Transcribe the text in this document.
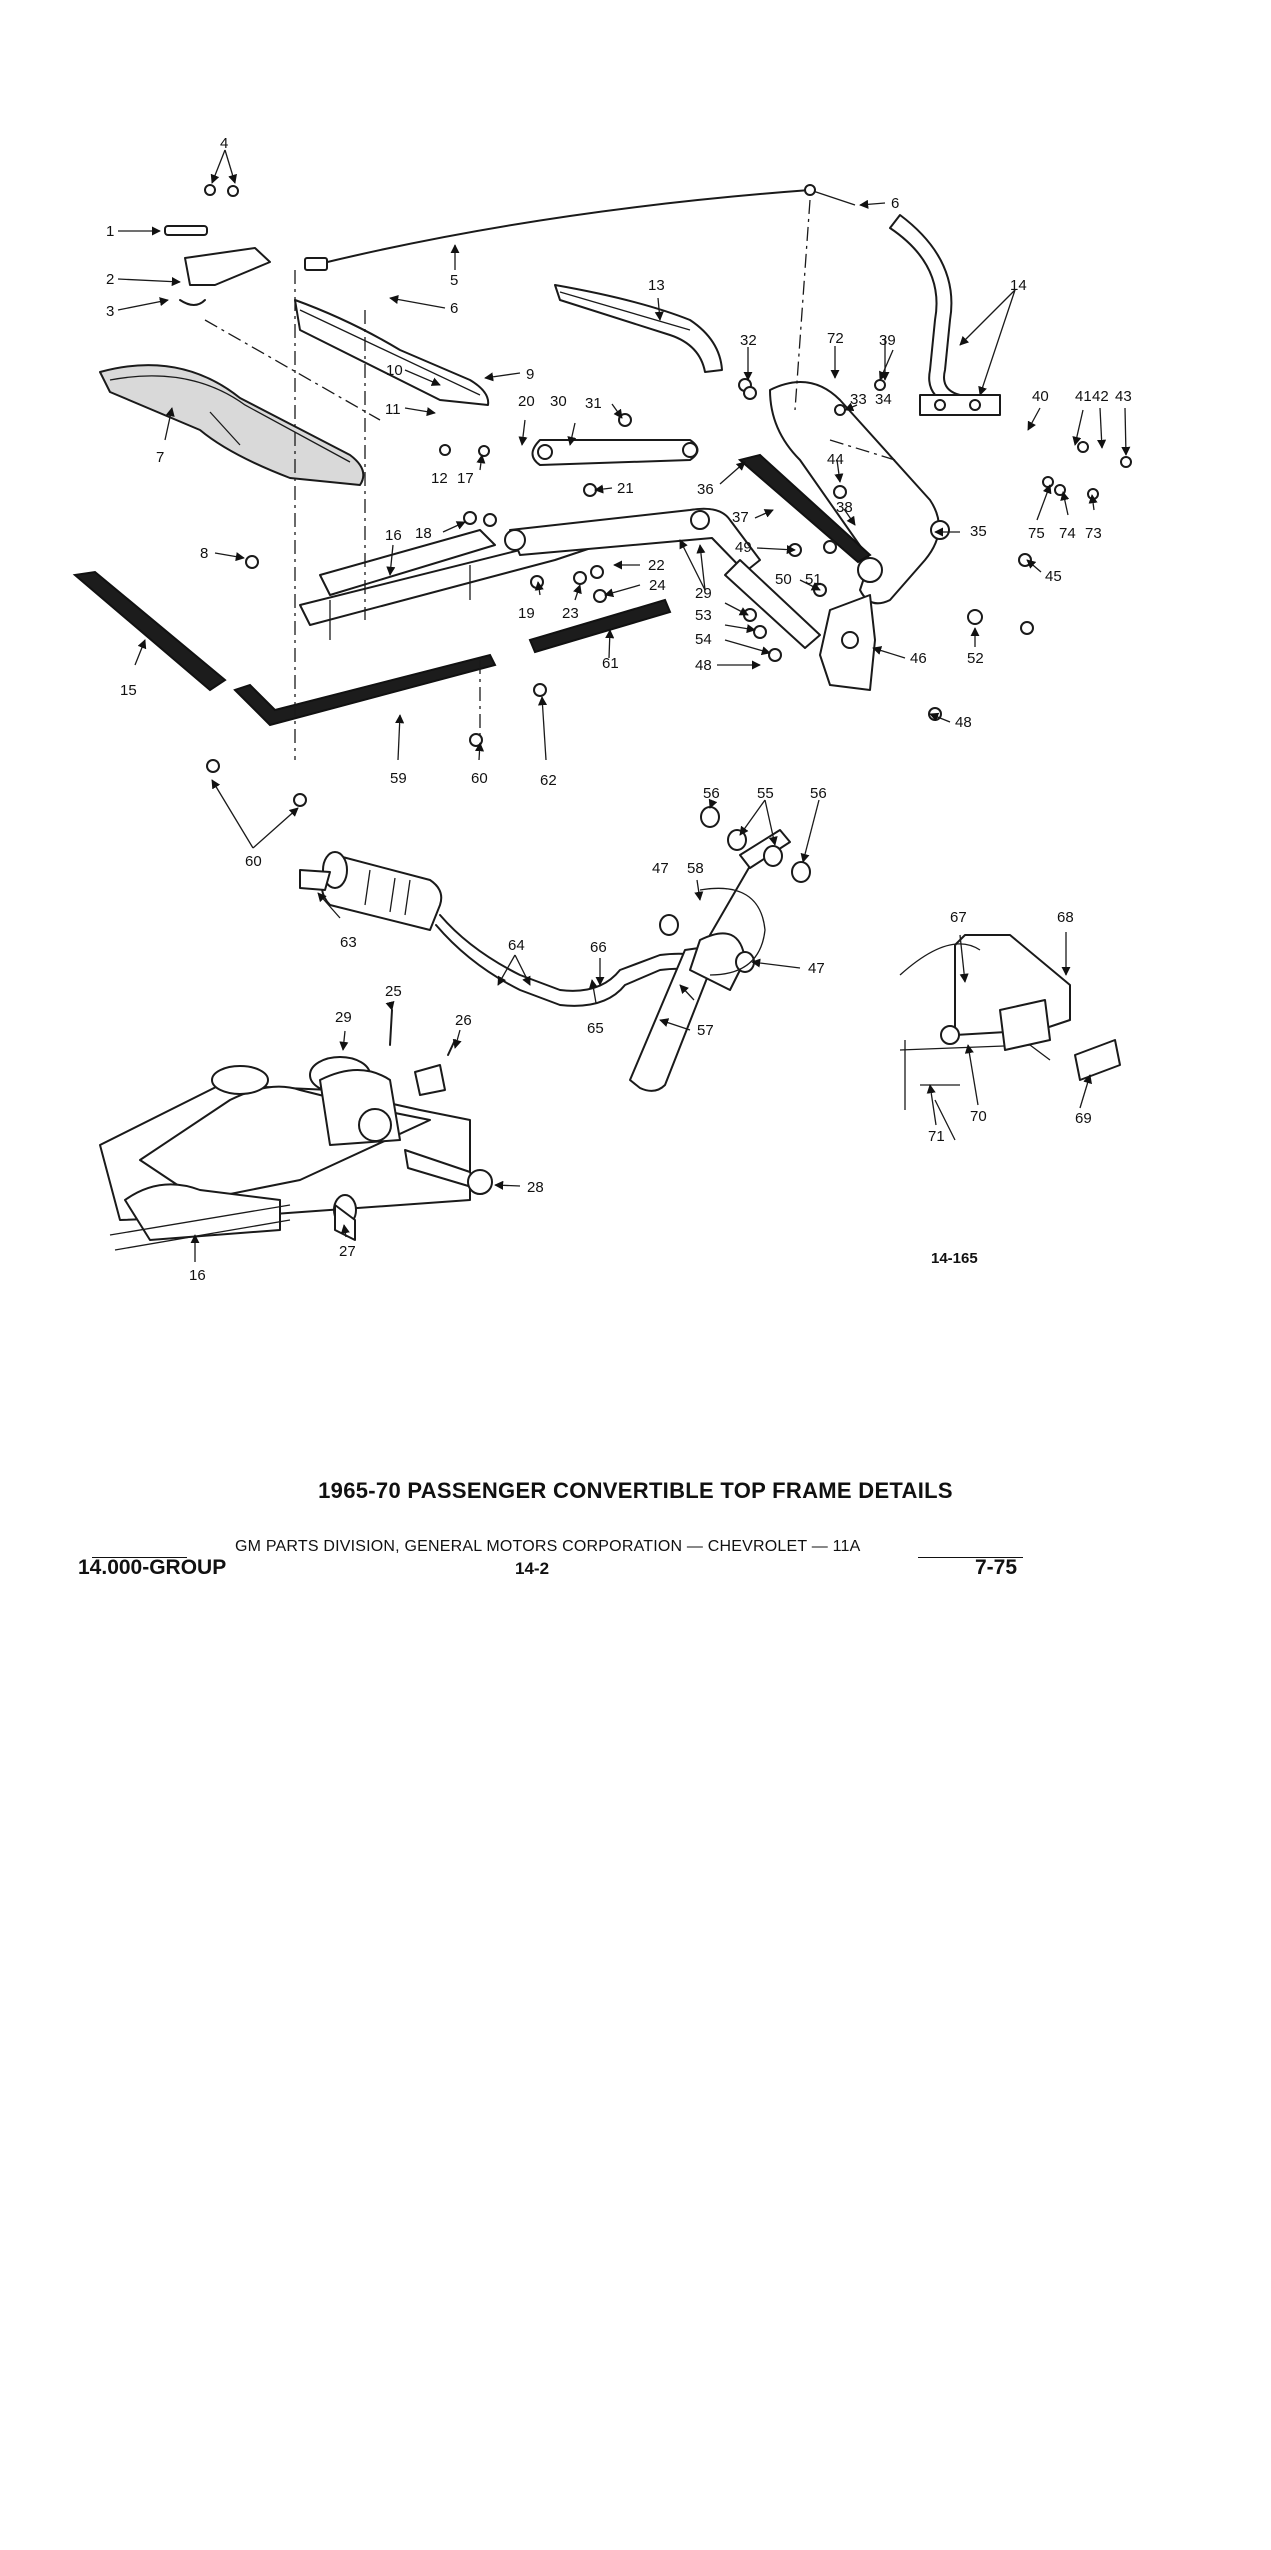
1
2
3
4
5
6
6
7
8
9
10
11
12
13	14
15
16
16
17
18
19
20
21
22
23
24
25
26
27
28
29
29
30 31
32
33 34
35
36
37
38
39
40 41 42 43
44
45
46
47
47
48
48
49
50 51
52
53
54
55
56	56
57
58
59	60
60
61
62
63	64
65
66
67	68
69
70
71
72
73
74
75
14-165
1965-70 PASSENGER CONVERTIBLE TOP FRAME DETAILS
GM PARTS DIVISION, GENERAL MOTORS CORPORATION — CHEVROLET — 11A
14.000-GROUP	14-2	7-75
